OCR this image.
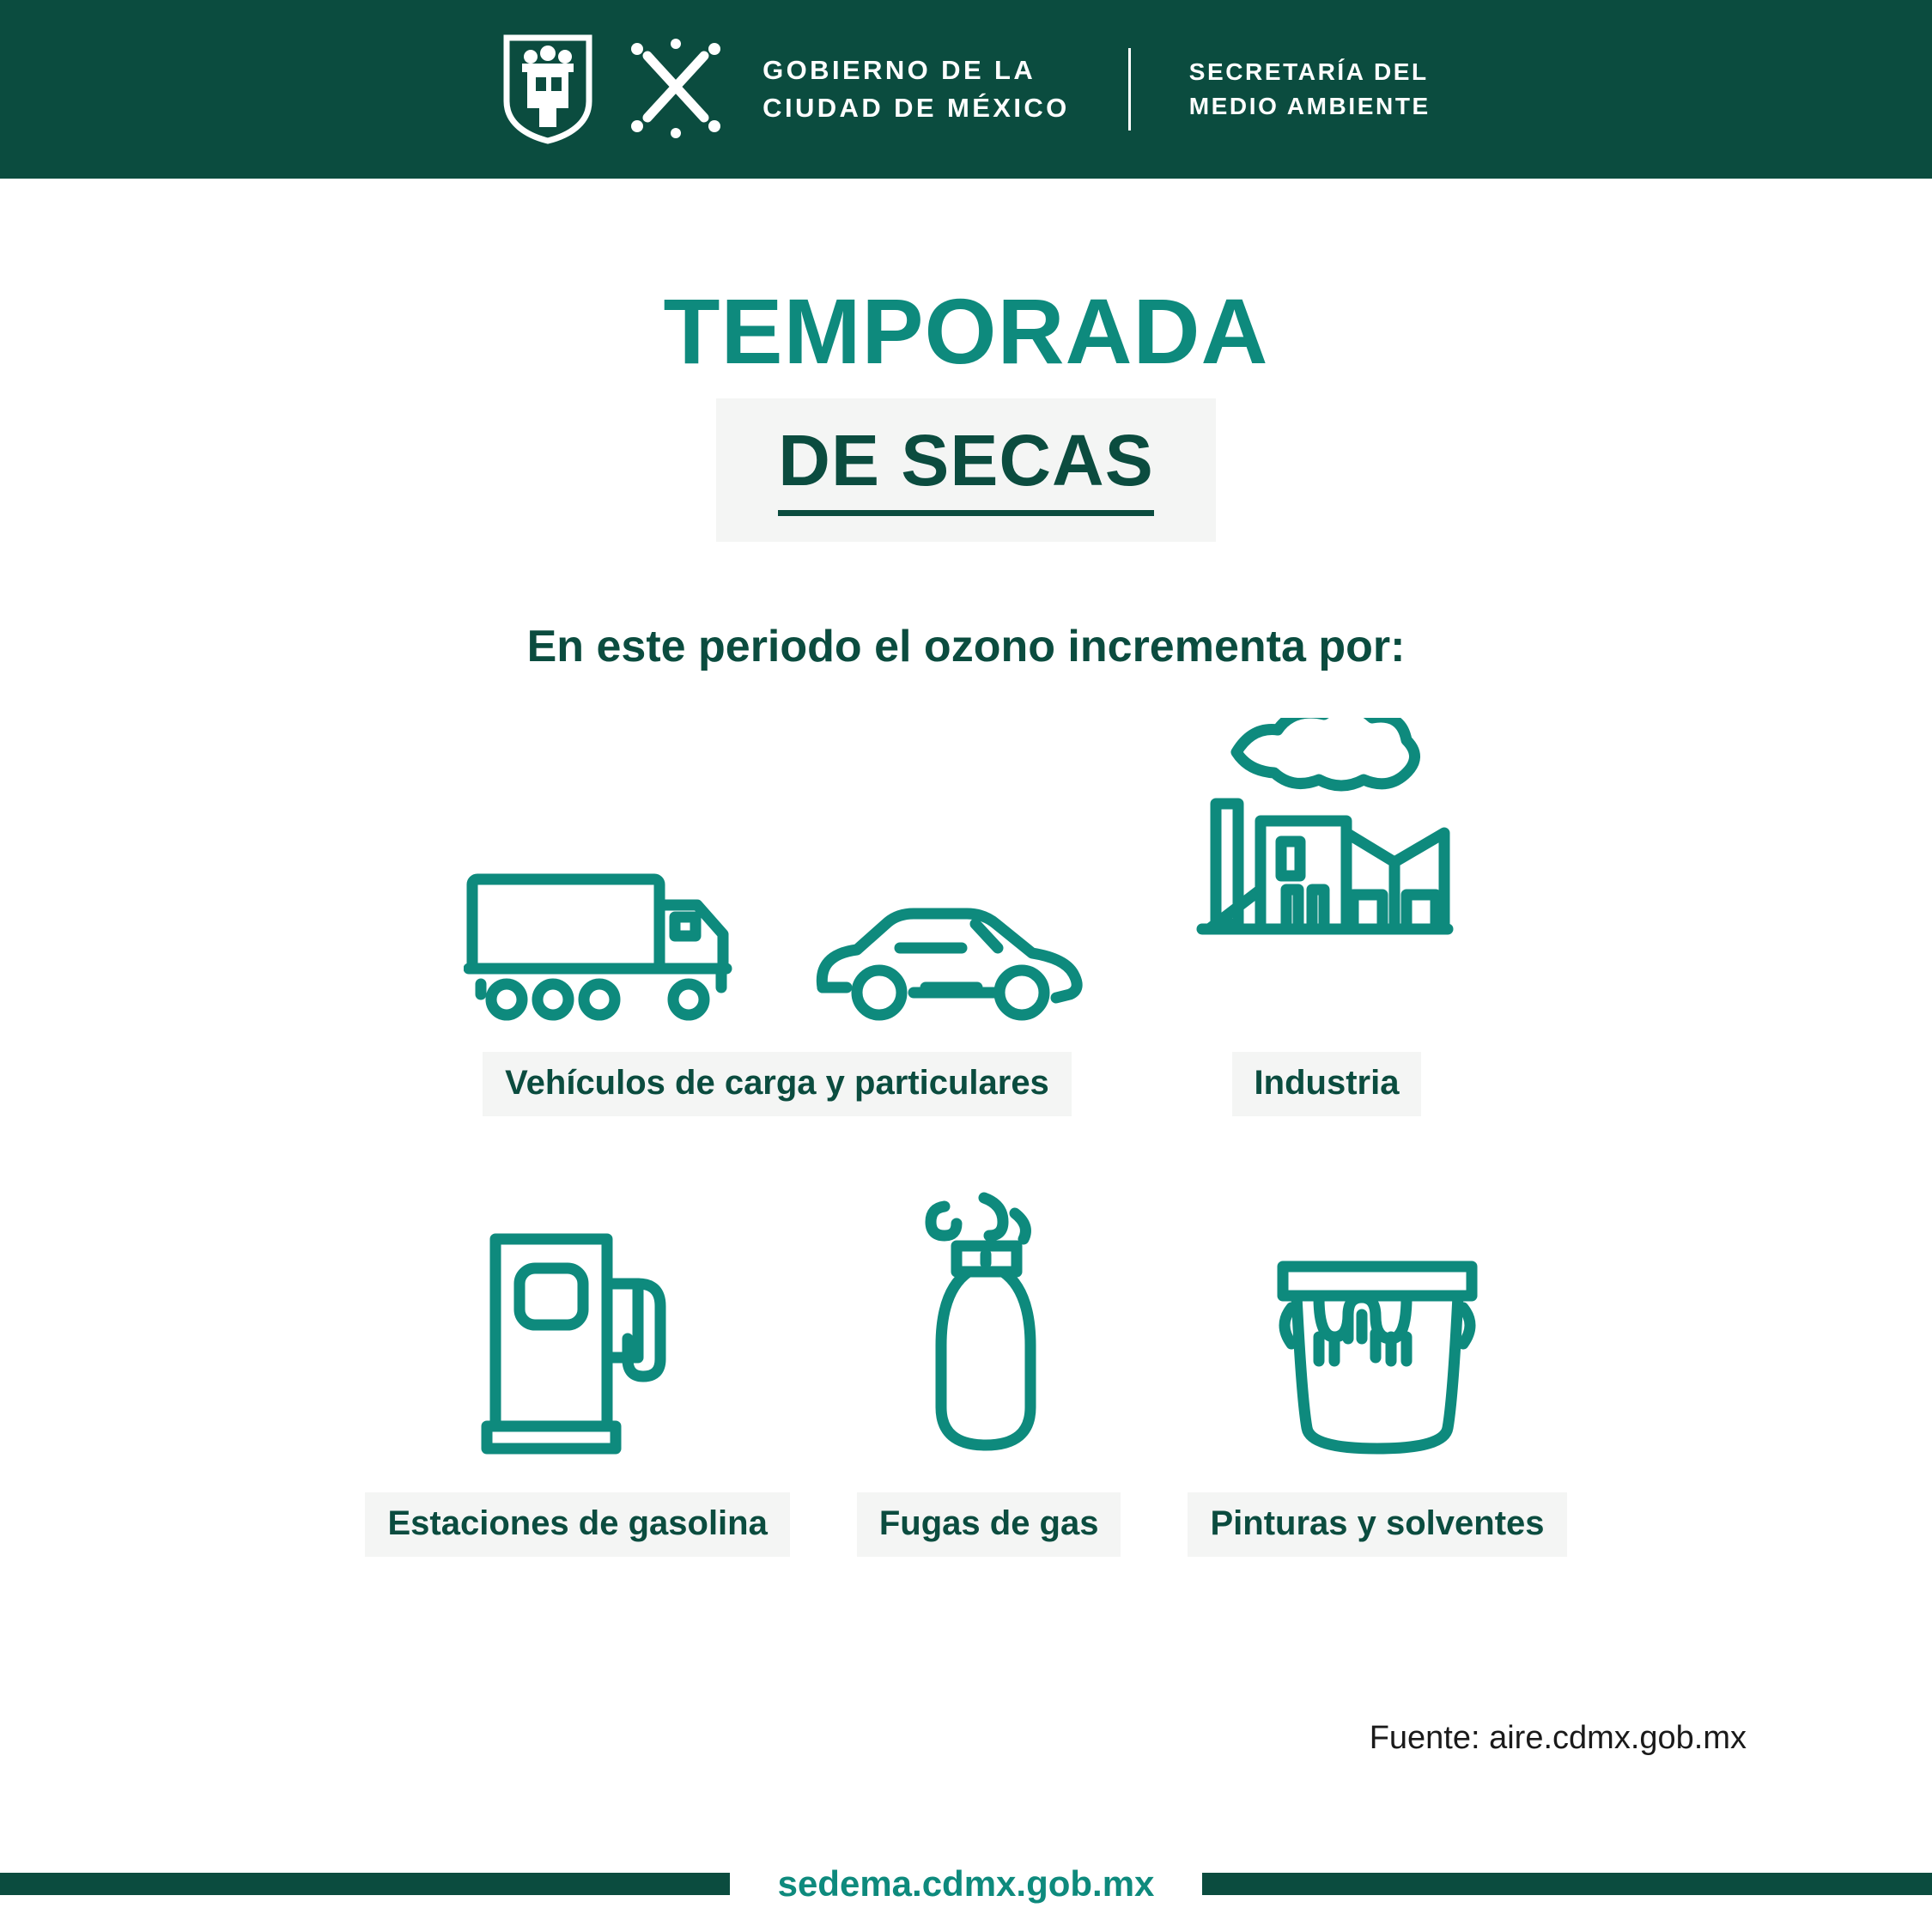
GOBIERNO DE LA
CIUDAD DE MÉXICO
SECRETARÍA DEL
MEDIO AMBIENTE
TEMPORADA
DE SECAS
En este periodo el ozono incrementa por:
Vehículos de carga y particulares	Industria
Estaciones de gasolina	Fugas de gas	Pinturas y solventes
Fuente: aire.cdmx.gob.mx
sedema.cdmx.gob.mx
